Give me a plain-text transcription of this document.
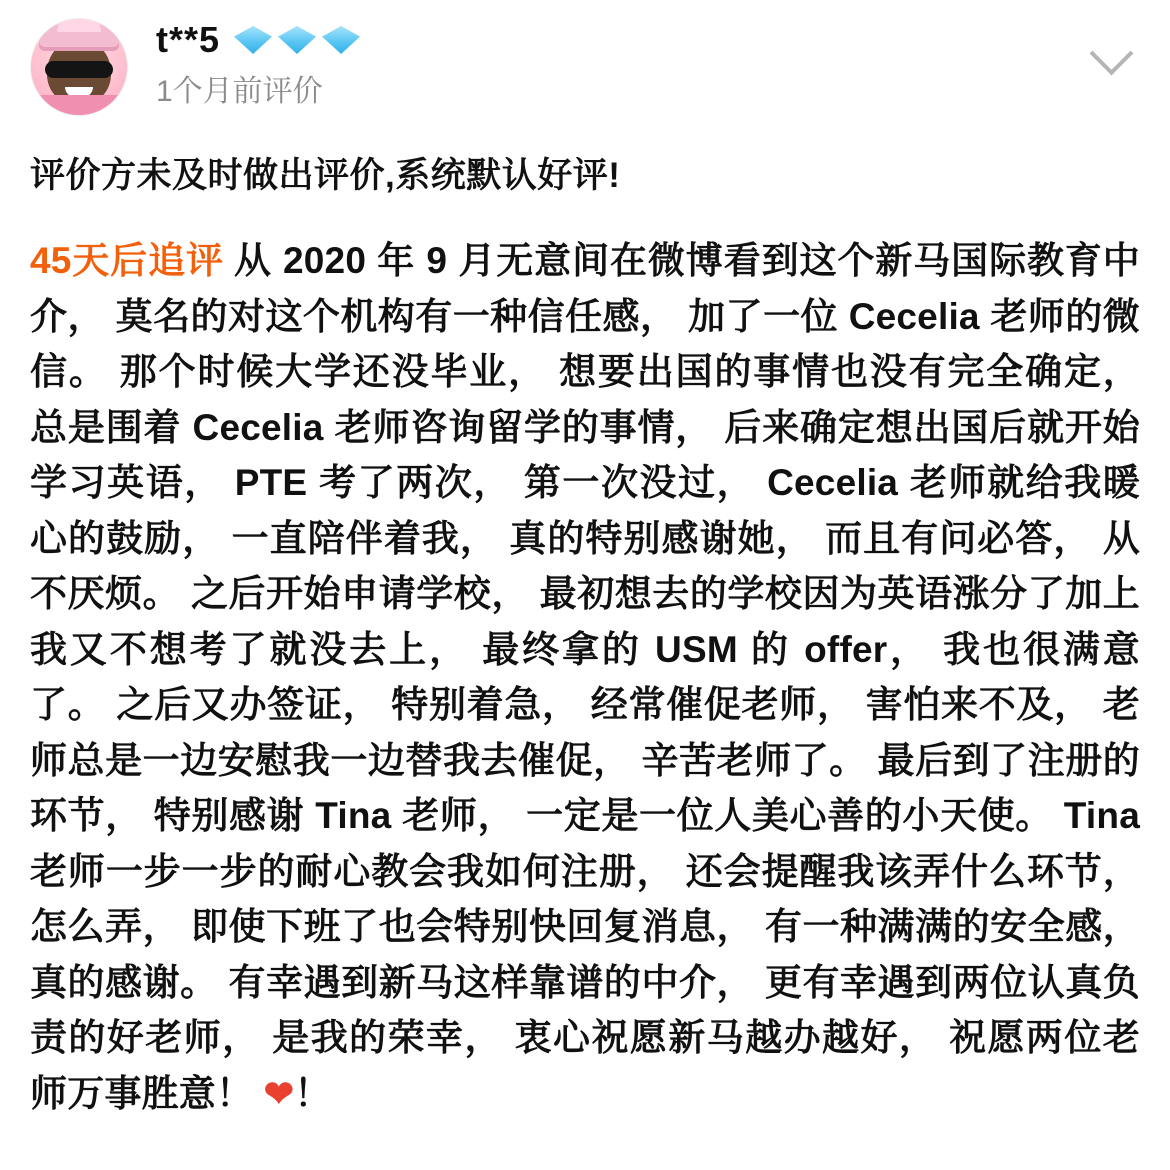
t**5
1个月前评价
评价方未及时做出评价,系统默认好评!
45天后追评 从 2020 年 9 月无意间在微博看到这个新马国际教育中介， 莫名的对这个机构有一种信任感， 加了一位 Cecelia 老师的微信。 那个时候大学还没毕业， 想要出国的事情也没有完全确定， 总是围着 Cecelia 老师咨询留学的事情， 后来确定想出国后就开始学习英语， PTE 考了两次， 第一次没过， Cecelia 老师就给我暖心的鼓励， 一直陪伴着我， 真的特别感谢她， 而且有问必答， 从不厌烦。 之后开始申请学校， 最初想去的学校因为英语涨分了加上我又不想考了就没去上， 最终拿的 USM 的 offer， 我也很满意了。 之后又办签证， 特别着急， 经常催促老师， 害怕来不及， 老师总是一边安慰我一边替我去催促， 辛苦老师了。 最后到了注册的环节， 特别感谢 Tina 老师， 一定是一位人美心善的小天使。 Tina 老师一步一步的耐心教会我如何注册， 还会提醒我该弄什么环节， 怎么弄， 即使下班了也会特别快回复消息， 有一种满满的安全感， 真的感谢。 有幸遇到新马这样靠谱的中介， 更有幸遇到两位认真负责的好老师， 是我的荣幸， 衷心祝愿新马越办越好， 祝愿两位老师万事胜意！ ❤！
